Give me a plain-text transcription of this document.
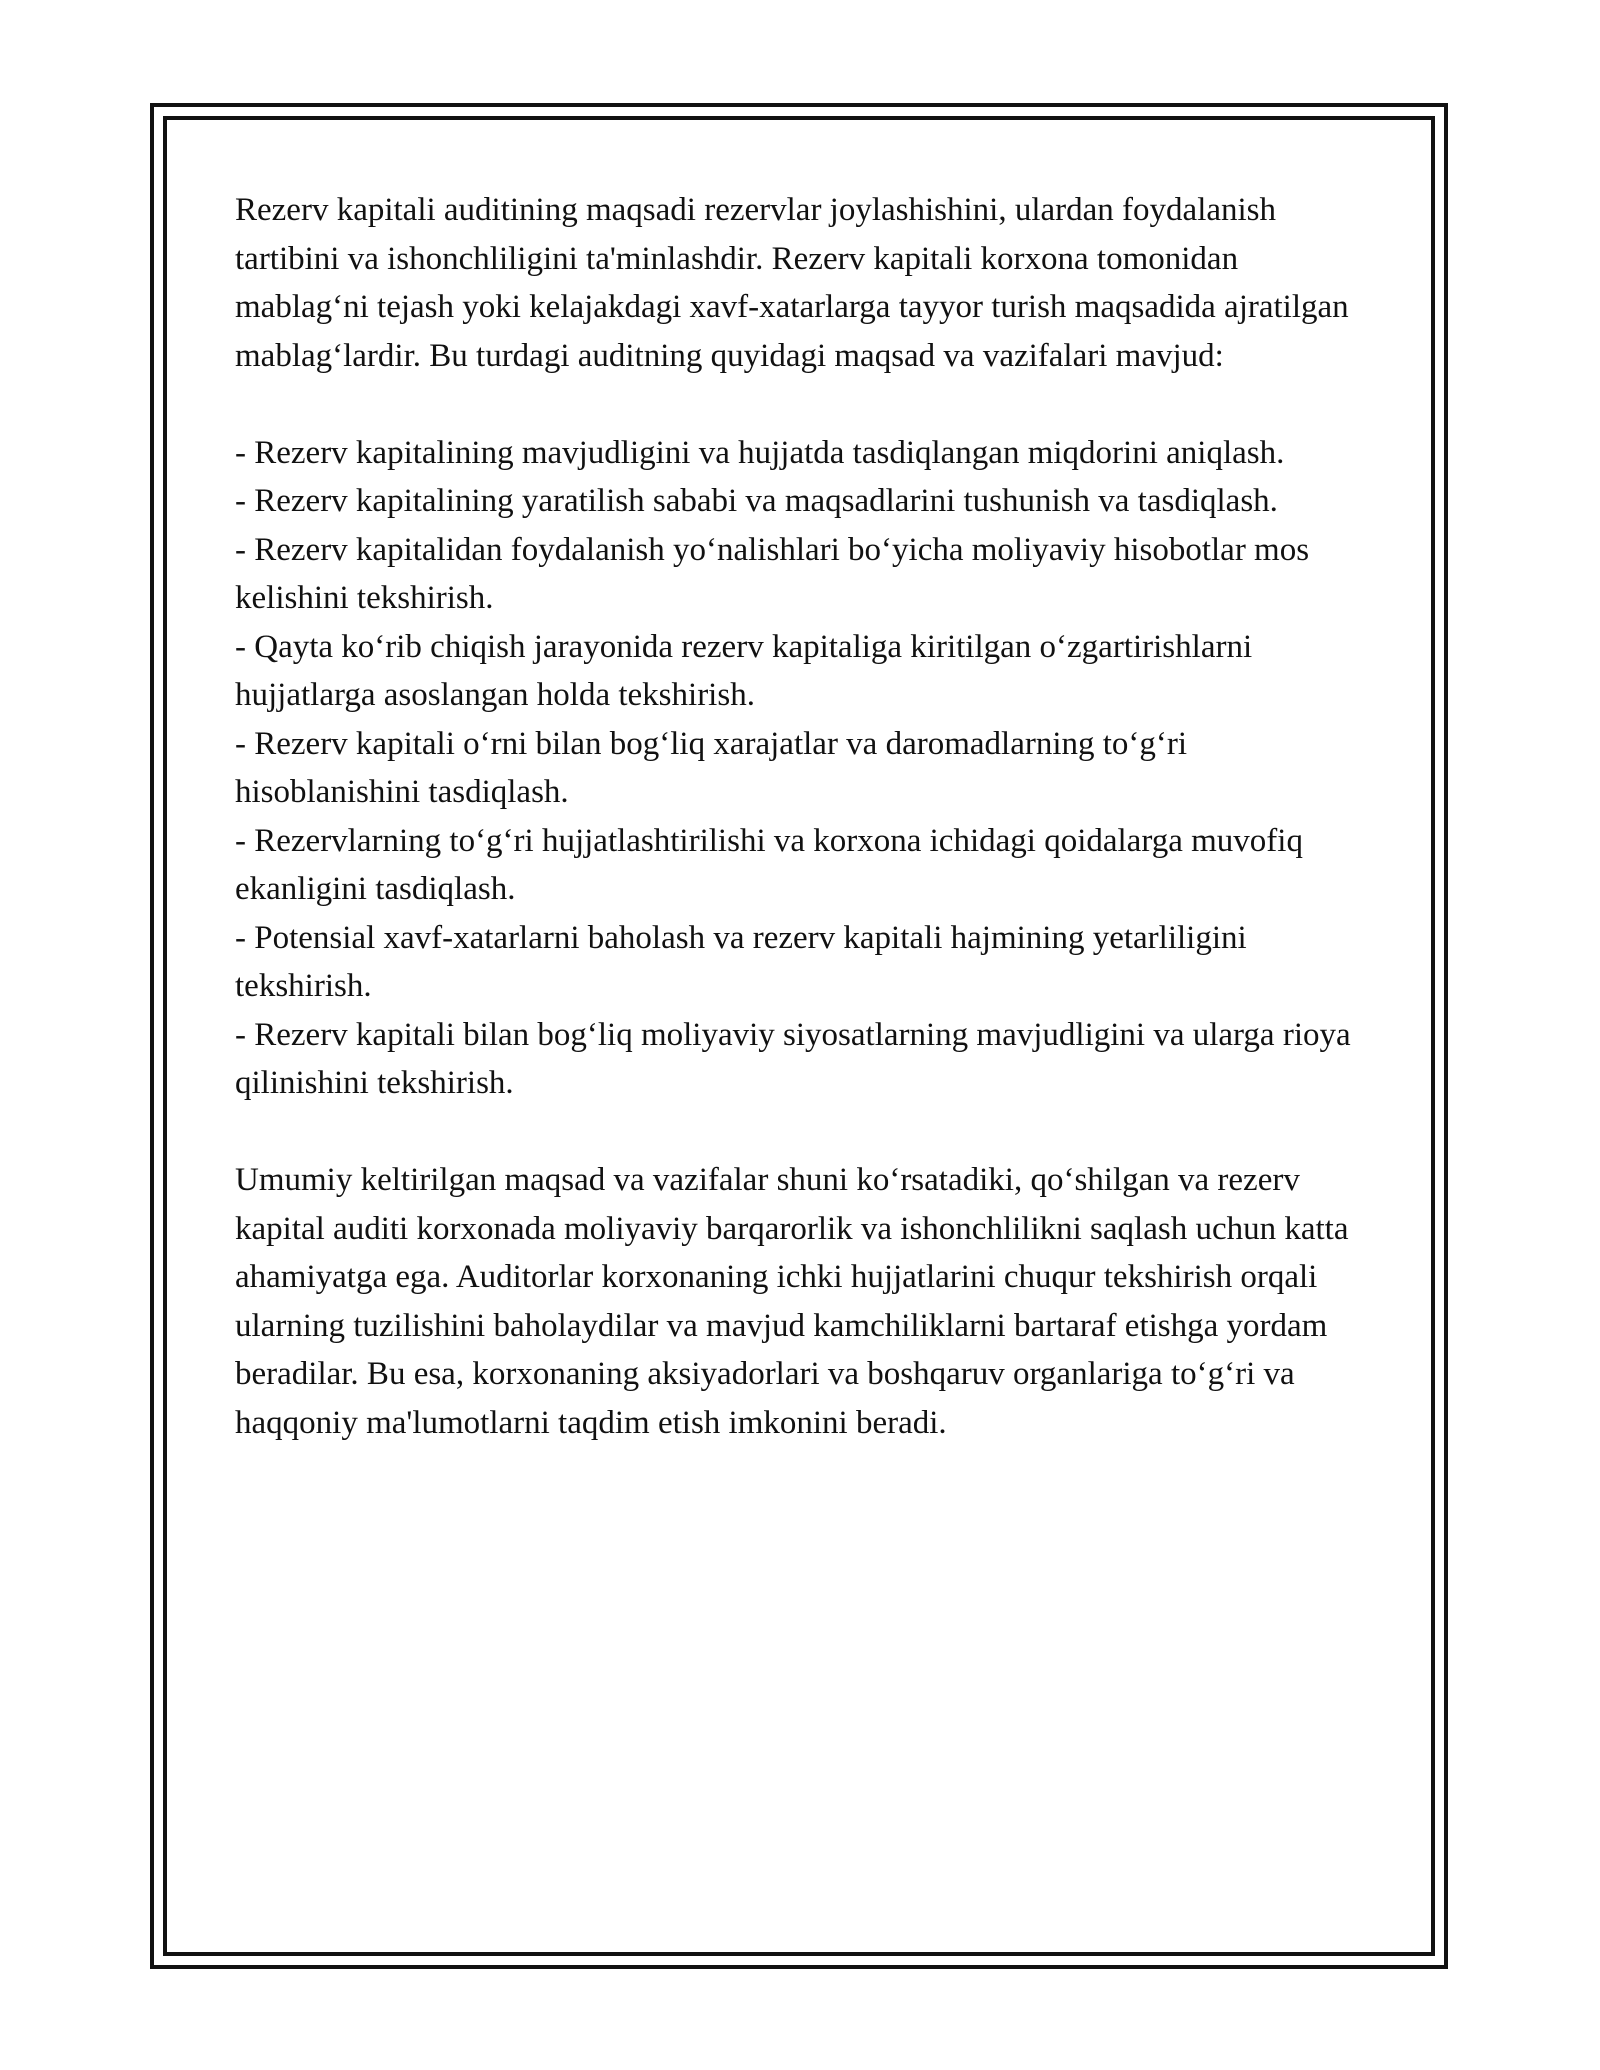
Rezerv kapitali auditining maqsadi rezervlar joylashishini, ulardan foydalanish tartibini va ishonchliligini ta'minlashdir. Rezerv kapitali korxona tomonidan mablag‘ni tejash yoki kelajakdagi xavf-xatarlarga tayyor turish maqsadida ajratilgan mablag‘lardir. Bu turdagi auditning quyidagi maqsad va vazifalari mavjud:

- Rezerv kapitalining mavjudligini va hujjatda tasdiqlangan miqdorini aniqlash.
- Rezerv kapitalining yaratilish sababi va maqsadlarini tushunish va tasdiqlash.
- Rezerv kapitalidan foydalanish yo‘nalishlari bo‘yicha moliyaviy hisobotlar mos kelishini tekshirish.
- Qayta ko‘rib chiqish jarayonida rezerv kapitaliga kiritilgan o‘zgartirishlarni hujjatlarga asoslangan holda tekshirish.
- Rezerv kapitali o‘rni bilan bog‘liq xarajatlar va daromadlarning to‘g‘ri hisoblanishini tasdiqlash.
- Rezervlarning to‘g‘ri hujjatlashtirilishi va korxona ichidagi qoidalarga muvofiq ekanligini tasdiqlash.
- Potensial xavf-xatarlarni baholash va rezerv kapitali hajmining yetarliligini tekshirish.
- Rezerv kapitali bilan bog‘liq moliyaviy siyosatlarning mavjudligini va ularga rioya qilinishini tekshirish.

Umumiy keltirilgan maqsad va vazifalar shuni ko‘rsatadiki, qo‘shilgan va rezerv kapital auditi korxonada moliyaviy barqarorlik va ishonchlilikni saqlash uchun katta ahamiyatga ega. Auditorlar korxonaning ichki hujjatlarini chuqur tekshirish orqali ularning tuzilishini baholaydilar va mavjud kamchiliklarni bartaraf etishga yordam beradilar. Bu esa, korxonaning aksiyadorlari va boshqaruv organlariga to‘g‘ri va haqqoniy ma'lumotlarni taqdim etish imkonini beradi.
